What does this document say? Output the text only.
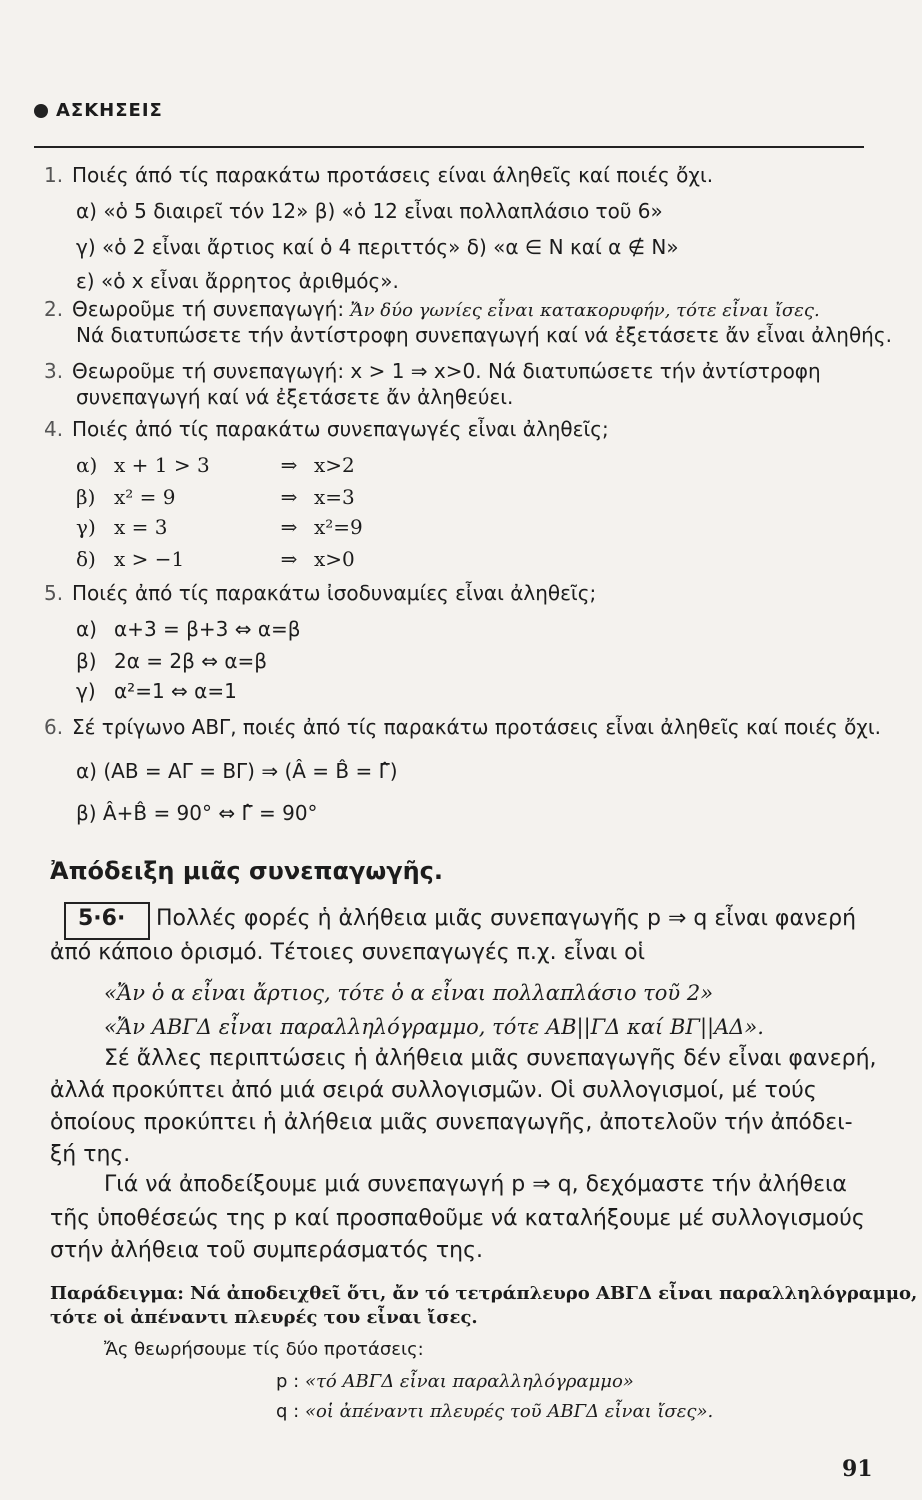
ΑΣΚΗΣΕΙΣ
1. Ποιές άπό τίς παρακάτω προτάσεις είναι άληθεῖς καί ποιές ὄχι.
α) «ὁ 5 διαιρεῖ τόν 12» β) «ὁ 12 εἶναι πολλαπλάσιο τοῦ 6»
γ) «ὁ 2 εἶναι ἄρτιος καί ὁ 4 περιττός» δ) «α ∈ N καί α ∉ N»
ε) «ὁ x εἶναι ἄρρητος ἀριθμός».
2. Θεωροῦμε τή συνεπαγωγή: Ἄν δύο γωνίες εἶναι κατακορυφήν, τότε εἶναι ἴσες.
Νά διατυπώσετε τήν ἀντίστροφη συνεπαγωγή καί νά ἐξετάσετε ἄν εἶναι ἀληθής.
3. Θεωροῦμε τή συνεπαγωγή: x > 1 ⇒ x>0. Νά διατυπώσετε τήν ἀντίστροφη
συνεπαγωγή καί νά ἐξετάσετε ἄν ἀληθεύει.
4. Ποιές ἀπό τίς παρακάτω συνεπαγωγές εἶναι ἀληθεῖς;
α) x + 1 > 3	⇒ x>2
β) x² = 9	⇒ x=3
γ) x = 3	⇒ x²=9
δ) x > −1	⇒ x>0
5. Ποιές ἀπό τίς παρακάτω ἰσοδυναμίες εἶναι ἀληθεῖς;
α) α+3 = β+3 ⇔ α=β
β) 2α = 2β ⇔ α=β
γ) α²=1 ⇔ α=1
6. Σέ τρίγωνο ΑΒΓ, ποιές ἀπό τίς παρακάτω προτάσεις εἶναι ἀληθεῖς καί ποιές ὄχι.
α) (ΑΒ = ΑΓ = ΒΓ) ⇒ (Â = B̂ = Γ̂)
β) Â+B̂ = 90° ⇔ Γ̂ = 90°
Ἀπόδειξη μιᾶς συνεπαγωγῆς.
5·6· Πολλές φορές ἡ ἀλήθεια μιᾶς συνεπαγωγῆς p ⇒ q εἶναι φανερή
ἀπό κάποιο ὁρισμό. Τέτοιες συνεπαγωγές π.χ. εἶναι οἱ
«Ἄν ὁ α εἶναι ἄρτιος, τότε ὁ α εἶναι πολλαπλάσιο τοῦ 2»
«Ἄν ΑΒΓΔ εἶναι παραλληλόγραμμο, τότε ΑΒ||ΓΔ καί ΒΓ||ΑΔ».
Σέ ἄλλες περιπτώσεις ἡ ἀλήθεια μιᾶς συνεπαγωγῆς δέν εἶναι φανερή,
ἀλλά προκύπτει ἀπό μιά σειρά συλλογισμῶν. Οἱ συλλογισμοί, μέ τούς
ὁποίους προκύπτει ἡ ἀλήθεια μιᾶς συνεπαγωγῆς, ἀποτελοῦν τήν ἀπόδει-
ξή της.
Γιά νά ἀποδείξουμε μιά συνεπαγωγή p ⇒ q, δεχόμαστε τήν ἀλήθεια
τῆς ὑποθέσεώς της p καί προσπαθοῦμε νά καταλήξουμε μέ συλλογισμούς
στήν ἀλήθεια τοῦ συμπεράσματός της.
Παράδειγμα: Νά ἀποδειχθεῖ ὅτι, ἄν τό τετράπλευρο ΑΒΓΔ εἶναι παραλληλόγραμμο,
τότε οἱ ἀπέναντι πλευρές του εἶναι ἴσες.
Ἄς θεωρήσουμε τίς δύο προτάσεις:
p : «τό ΑΒΓΔ εἶναι παραλληλόγραμμο»
q : «οἱ ἀπέναντι πλευρές τοῦ ΑΒΓΔ εἶναι ἴσες».
91
